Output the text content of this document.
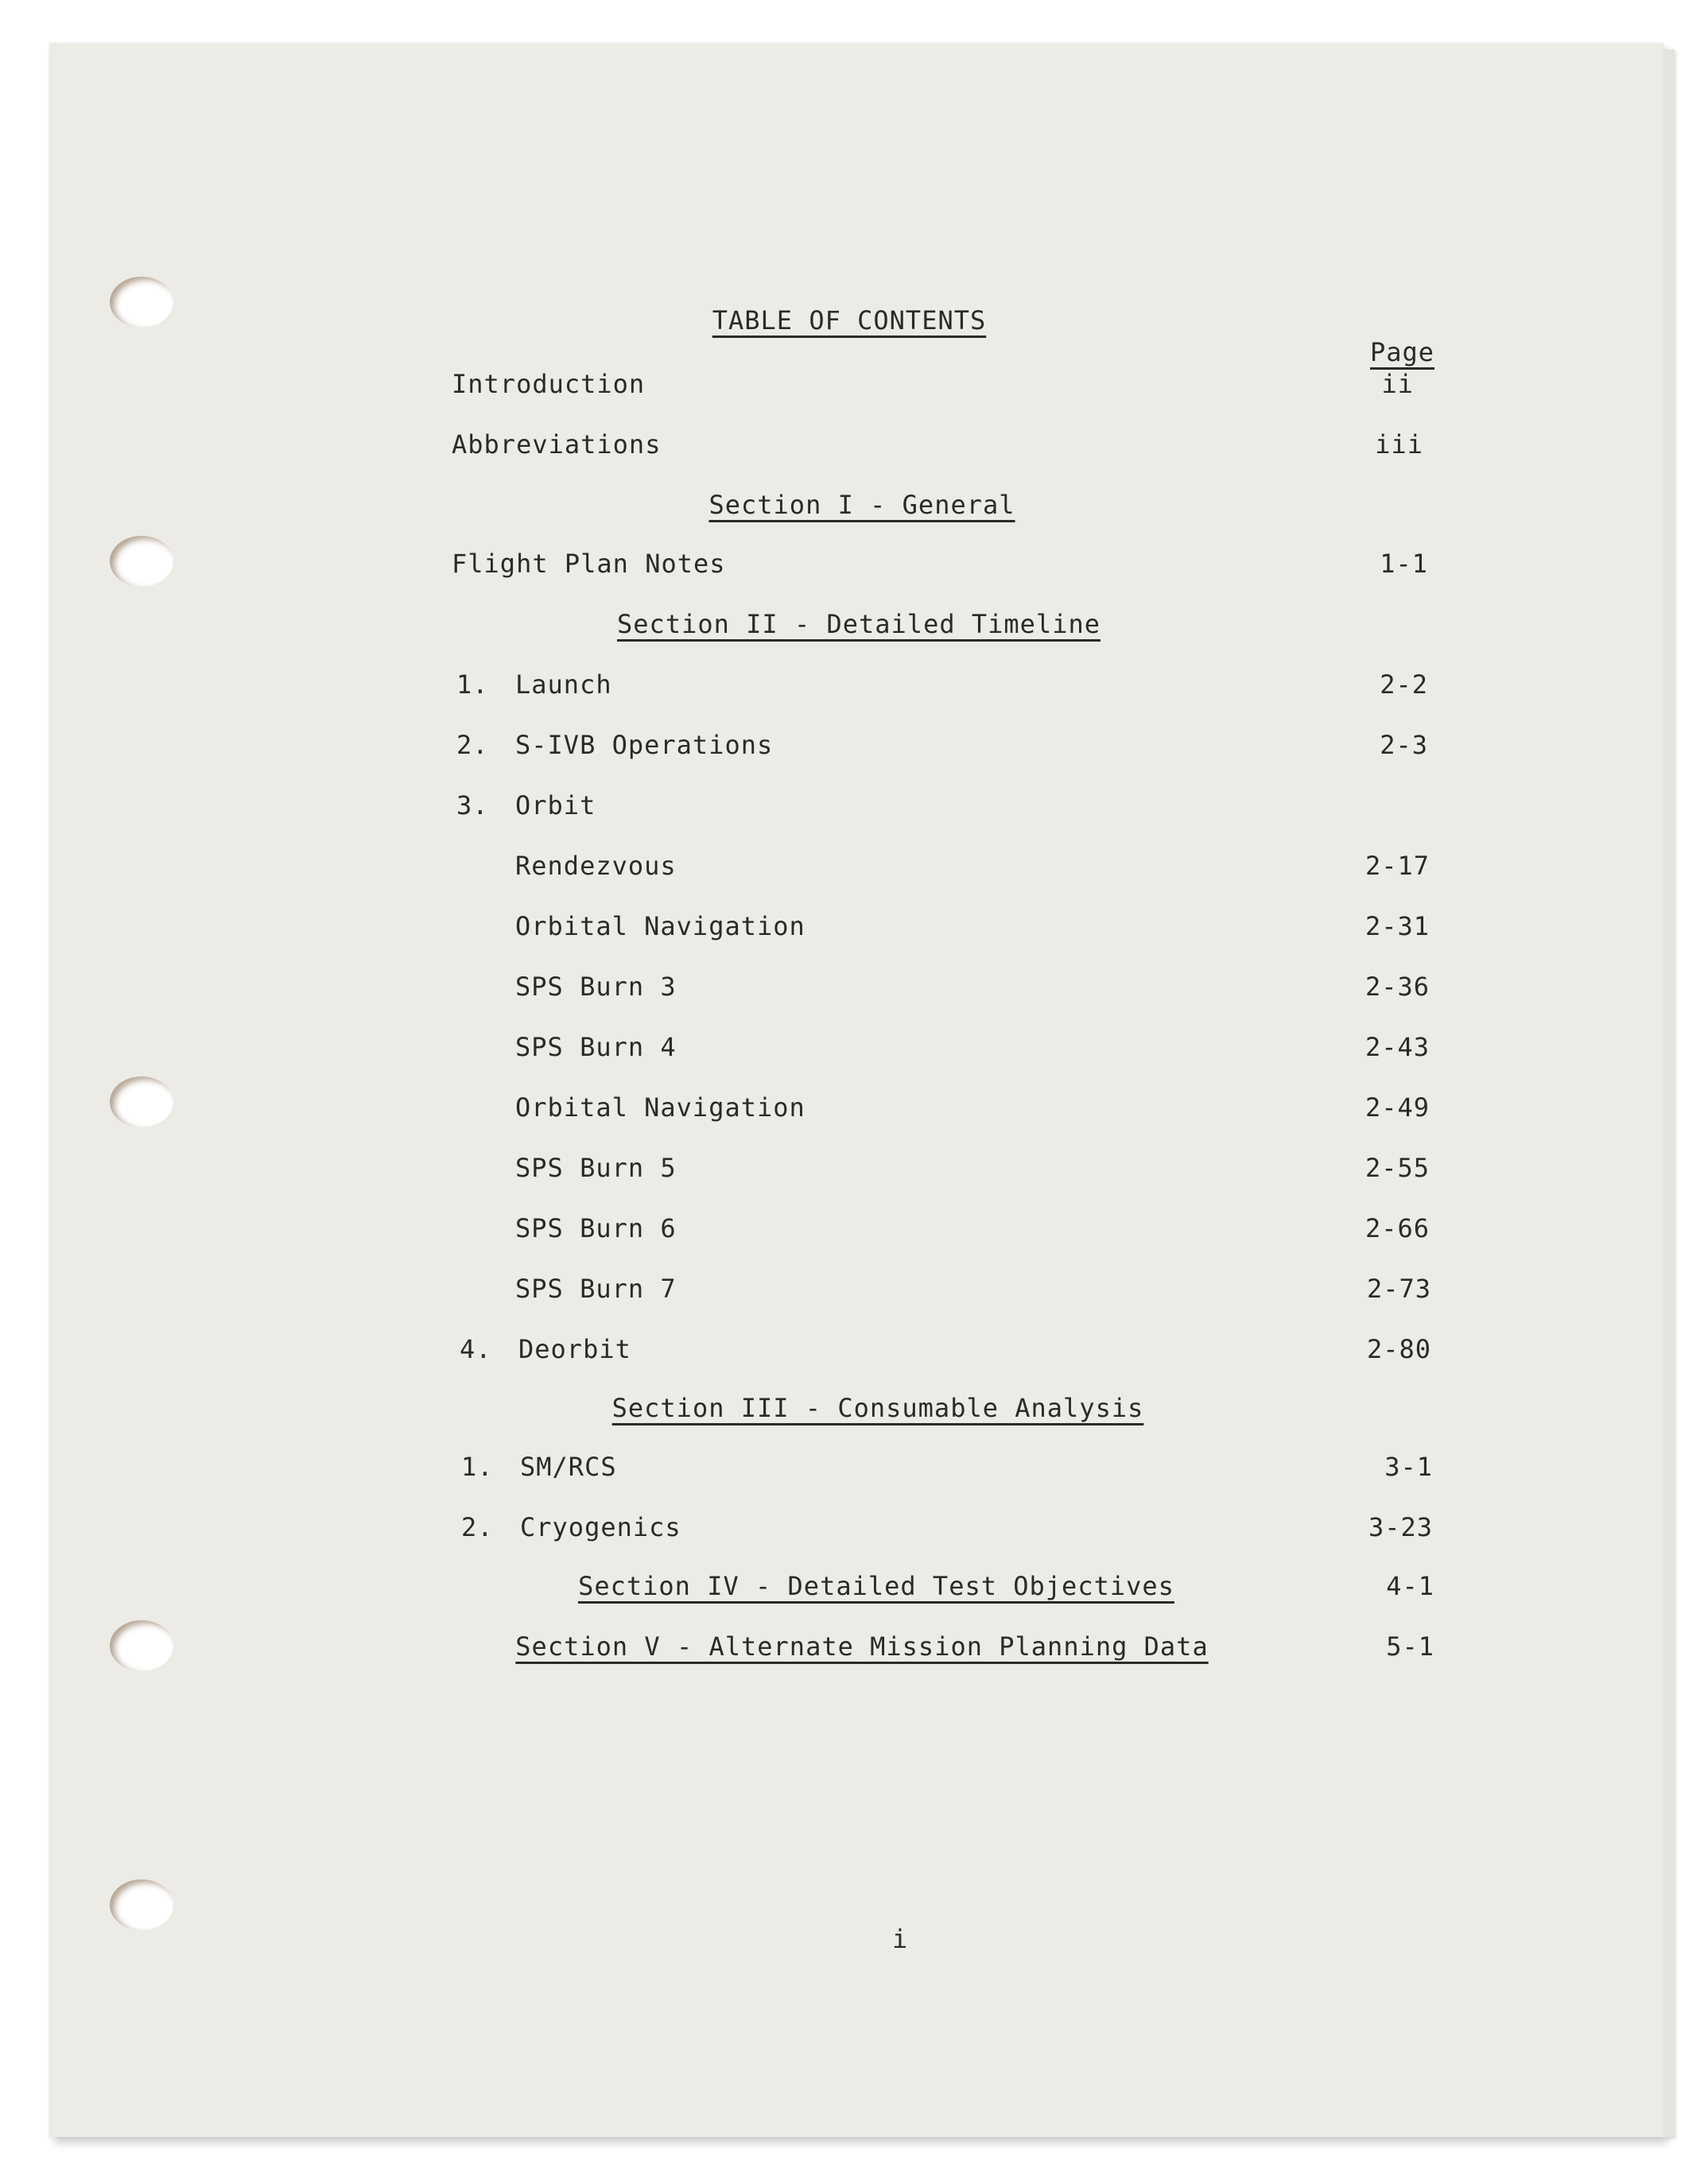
TABLE OF CONTENTS
Page
Introduction	ii
Abbreviations	iii
Section I - General
Flight Plan Notes	1-1
Section II - Detailed Timeline
1. Launch	2-2
2. S-IVB Operations	2-3
3. Orbit
Rendezvous	2-17
Orbital Navigation	2-31
SPS Burn 3	2-36
SPS Burn 4	2-43
Orbital Navigation	2-49
SPS Burn 5	2-55
SPS Burn 6	2-66
SPS Burn 7	2-73
4. Deorbit	2-80
Section III - Consumable Analysis
1. SM/RCS	3-1
2. Cryogenics	3-23
Section IV - Detailed Test Objectives	4-1
Section V - Alternate Mission Planning Data	5-1
i
